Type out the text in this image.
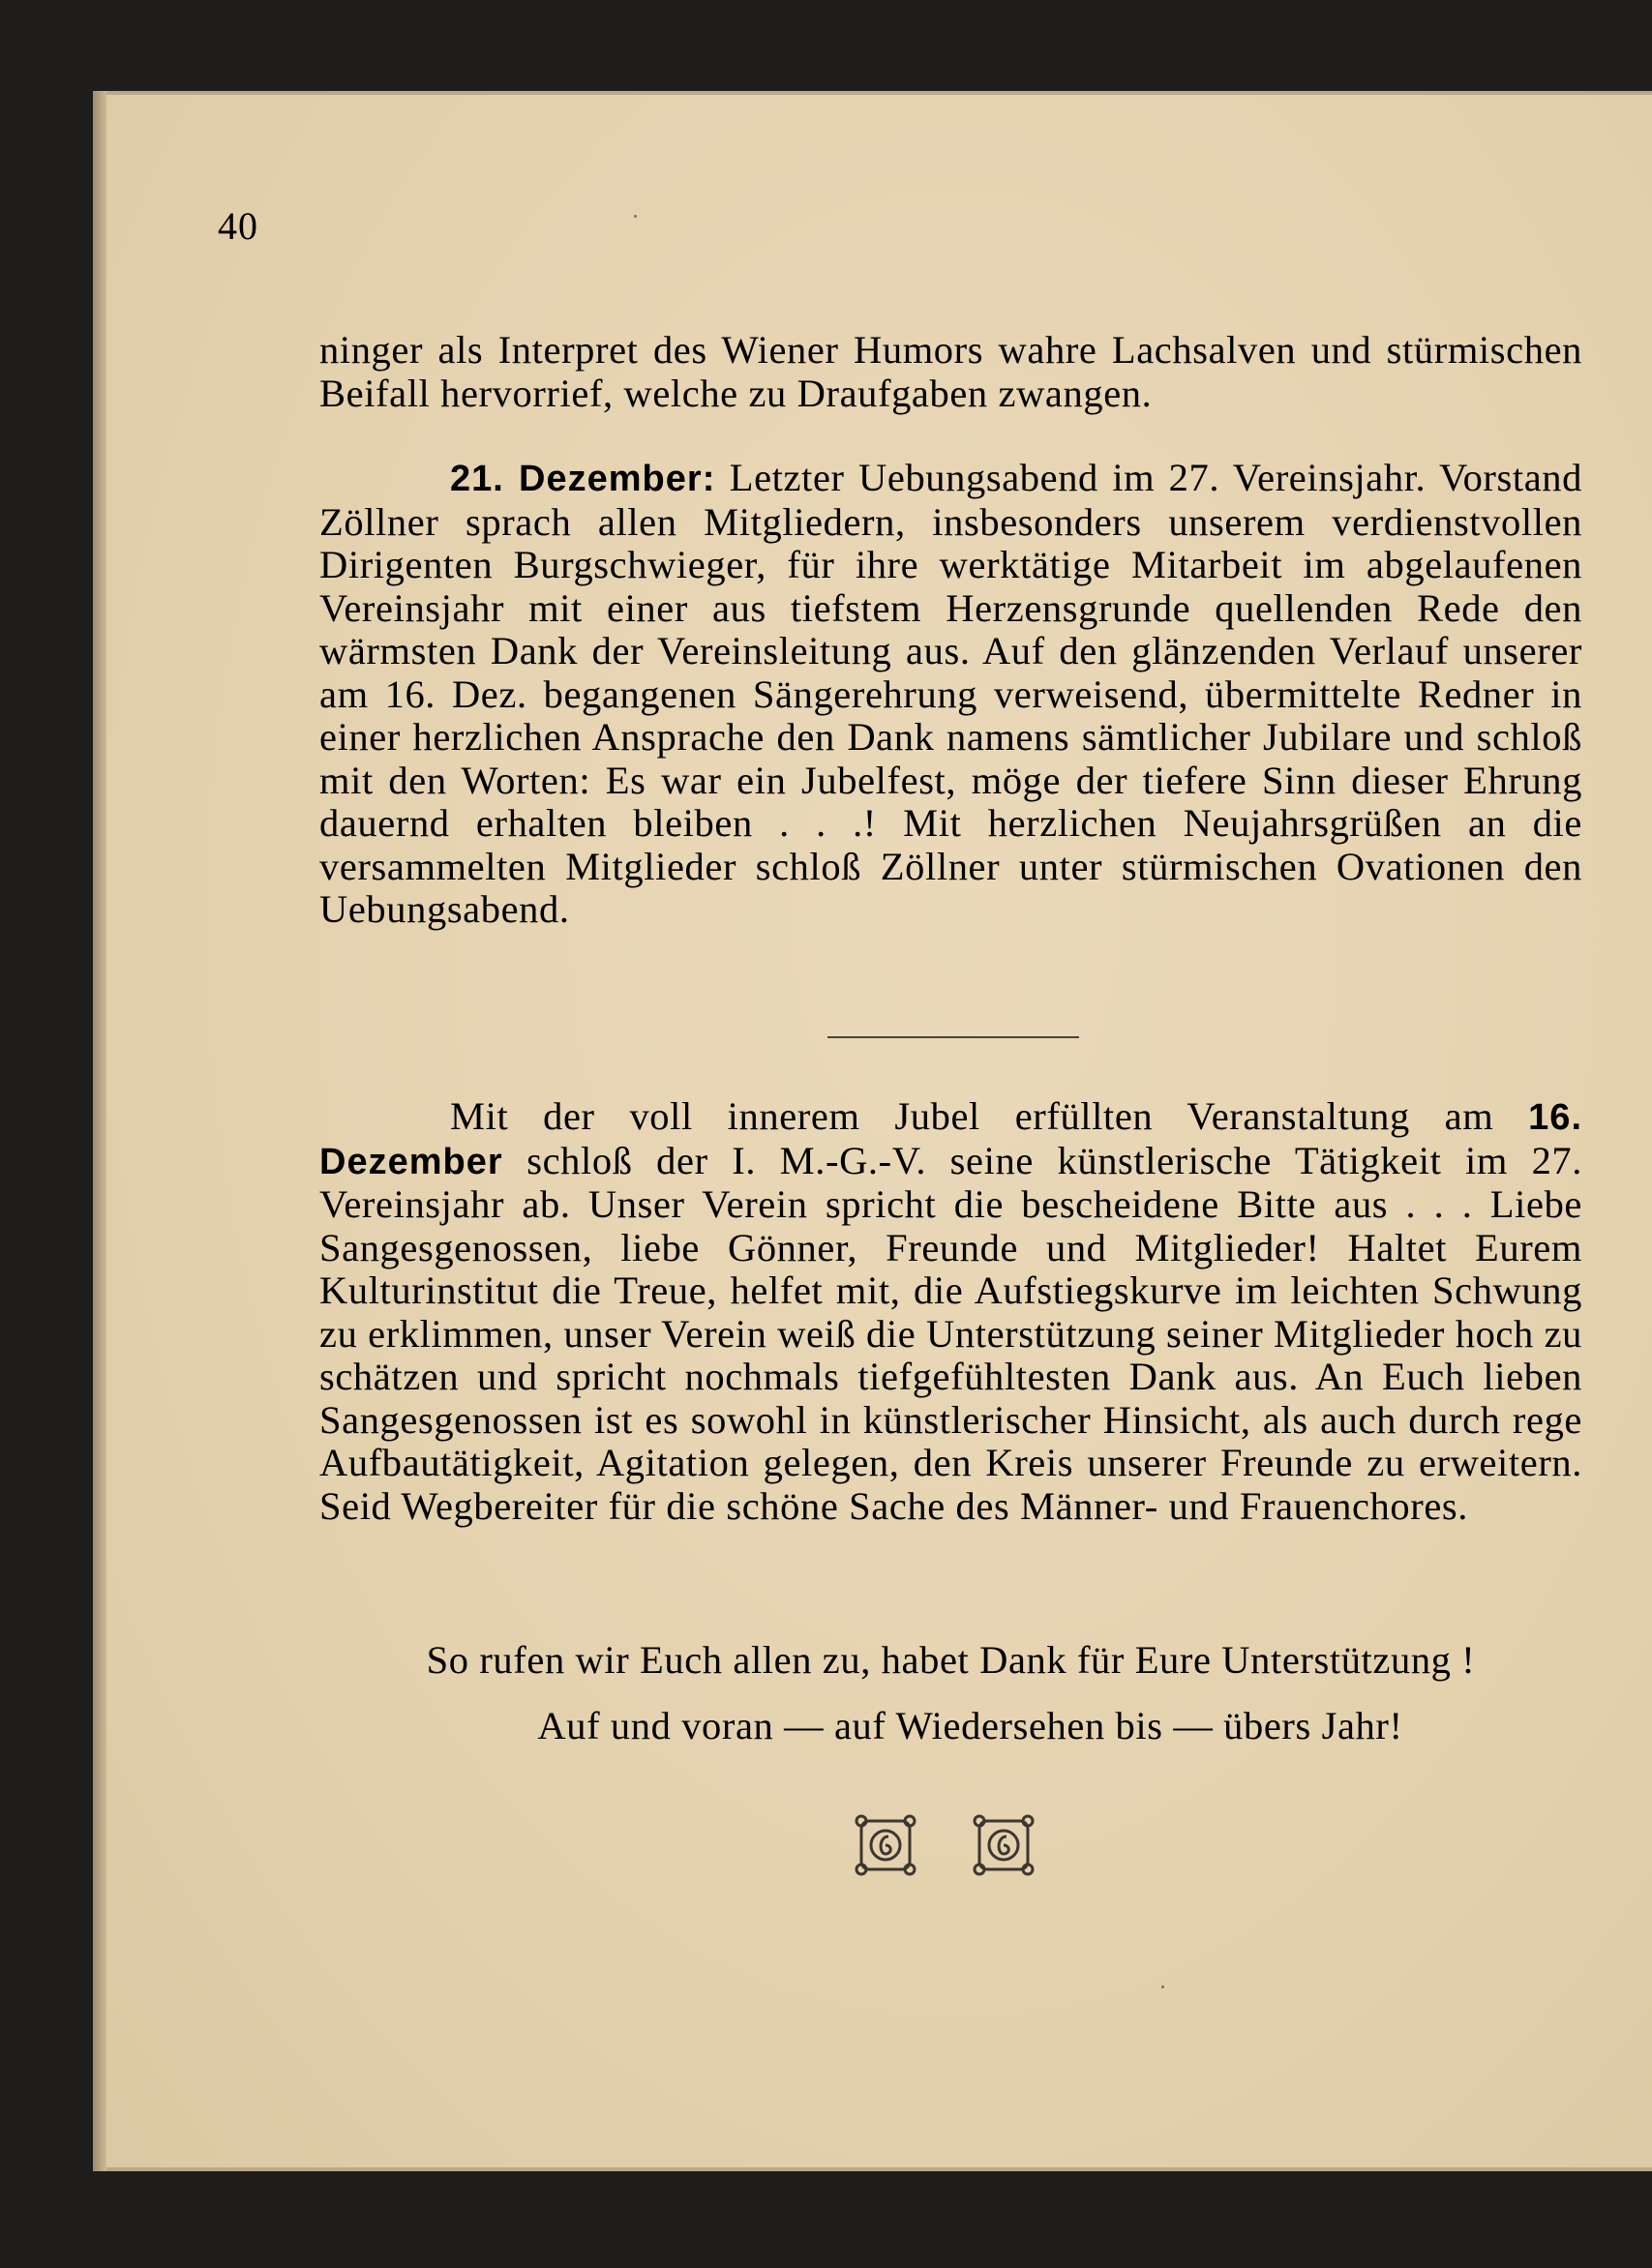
40
ninger als Interpret des Wiener Humors wahre Lachsalven und stürmischen Beifall hervorrief, welche zu Draufgaben zwangen.
21. Dezember: Letzter Uebungsabend im 27. Vereinsjahr. Vorstand Zöllner sprach allen Mitgliedern, insbesonders unserem verdienstvollen Dirigenten Burgschwieger, für ihre werktätige Mitarbeit im abgelaufenen Vereinsjahr mit einer aus tiefstem Herzensgrunde quellenden Rede den wärmsten Dank der Vereinsleitung aus. Auf den glänzenden Verlauf unserer am 16. Dez. begangenen Sängerehrung verweisend, übermittelte Redner in einer herzlichen Ansprache den Dank namens sämtlicher Jubilare und schloß mit den Worten: Es war ein Jubelfest, möge der tiefere Sinn dieser Ehrung dauernd erhalten bleiben . . .! Mit herzlichen Neujahrsgrüßen an die versammelten Mitglieder schloß Zöllner unter stürmischen Ovationen den Uebungsabend.
Mit der voll innerem Jubel erfüllten Veranstaltung am 16. Dezember schloß der I. M.-G.-V. seine künstlerische Tätigkeit im 27. Vereinsjahr ab. Unser Verein spricht die bescheidene Bitte aus . . . Liebe Sangesgenossen, liebe Gönner, Freunde und Mitglieder! Haltet Eurem Kulturinstitut die Treue, helfet mit, die Aufstiegskurve im leichten Schwung zu erklimmen, unser Verein weiß die Unterstützung seiner Mitglieder hoch zu schätzen und spricht nochmals tiefgefühltesten Dank aus. An Euch lieben Sangesgenossen ist es sowohl in künstlerischer Hinsicht, als auch durch rege Aufbautätigkeit, Agitation gelegen, den Kreis unserer Freunde zu erweitern. Seid Wegbereiter für die schöne Sache des Männer- und Frauenchores.
So rufen wir Euch allen zu, habet Dank für Eure Unterstützung !
Auf und voran — auf Wiedersehen bis — übers Jahr!
